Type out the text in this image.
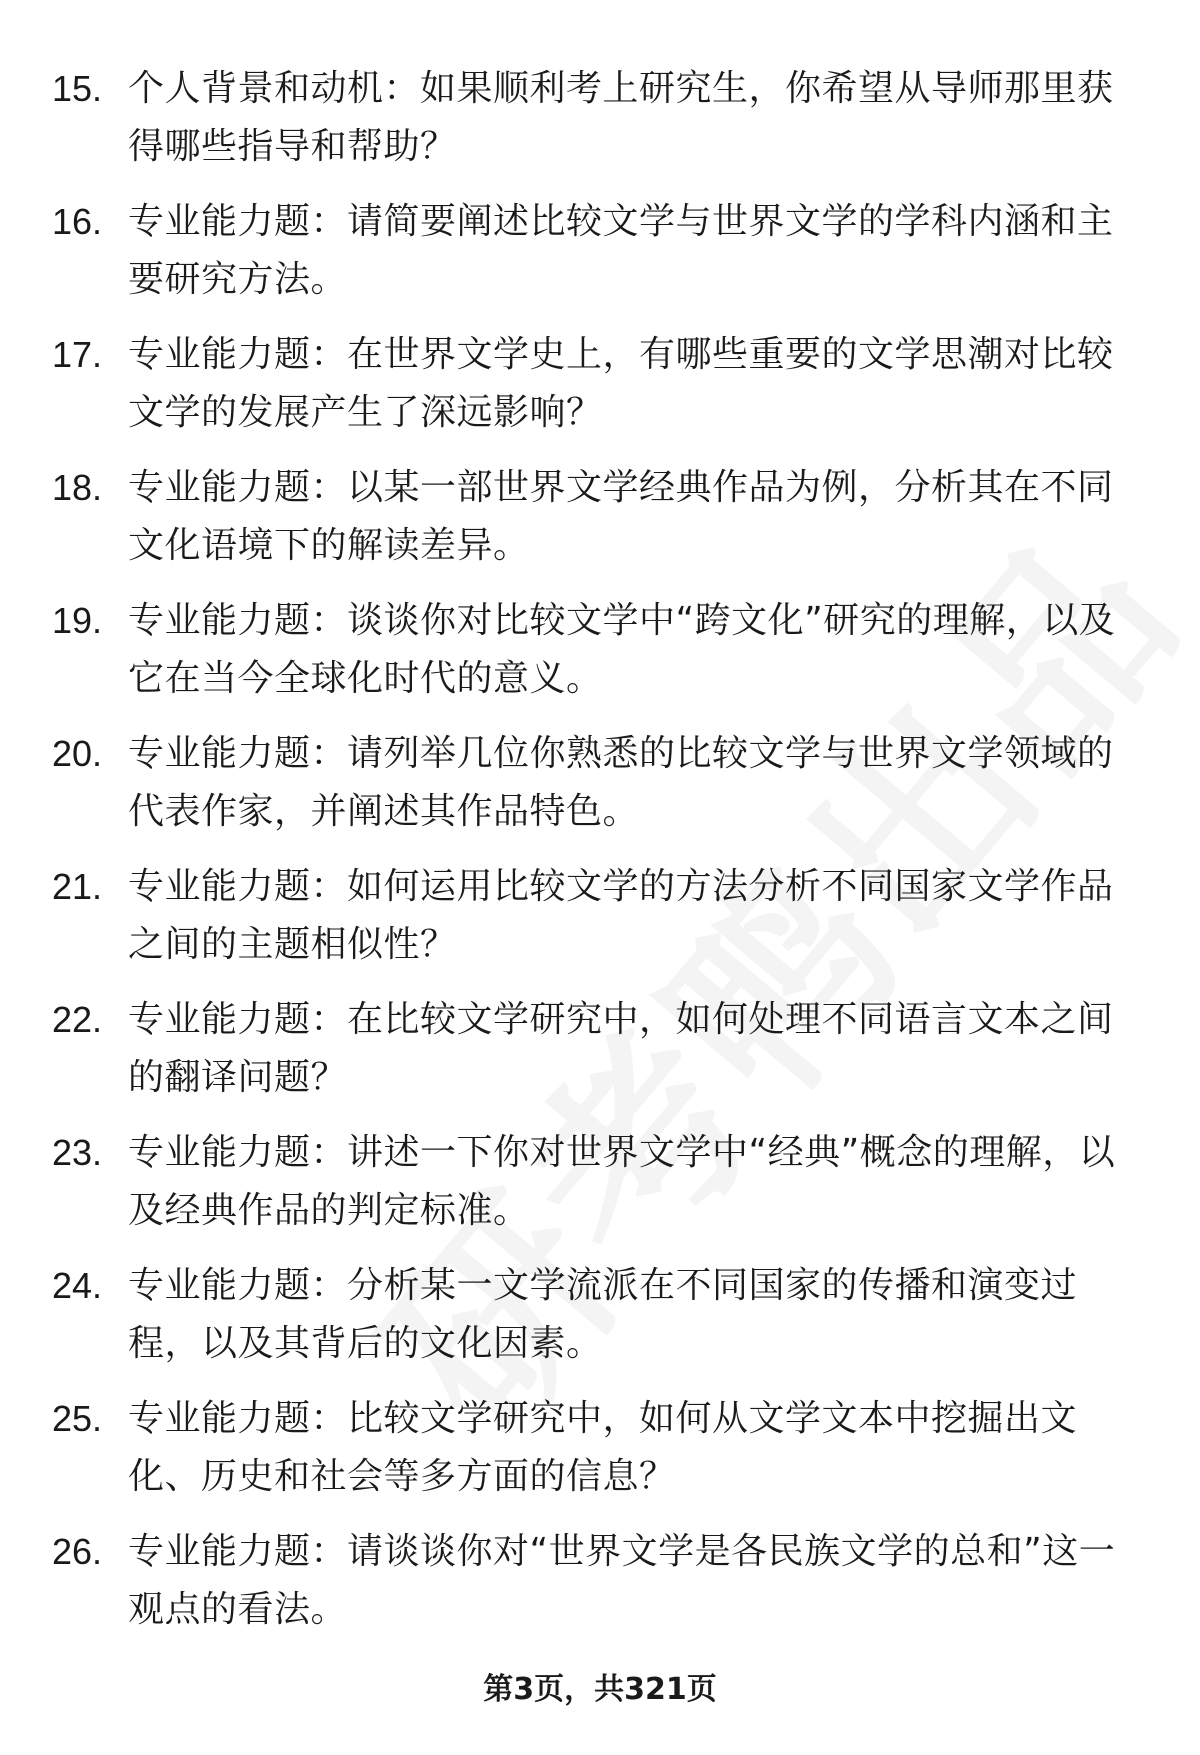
15. 个人背景和动机：如果顺利考上研究生，你希望从导师那里获得哪些指导和帮助？
16. 专业能力题：请简要阐述比较文学与世界文学的学科内涵和主要研究方法。
17. 专业能力题：在世界文学史上，有哪些重要的文学思潮对比较文学的发展产生了深远影响？
18. 专业能力题：以某一部世界文学经典作品为例，分析其在不同文化语境下的解读差异。
19. 专业能力题：谈谈你对比较文学中“跨文化”研究的理解，以及它在当今全球化时代的意义。
20. 专业能力题：请列举几位你熟悉的比较文学与世界文学领域的代表作家，并阐述其作品特色。
21. 专业能力题：如何运用比较文学的方法分析不同国家文学作品之间的主题相似性？
22. 专业能力题：在比较文学研究中，如何处理不同语言文本之间的翻译问题？
23. 专业能力题：讲述一下你对世界文学中“经典”概念的理解，以及经典作品的判定标准。
24. 专业能力题：分析某一文学流派在不同国家的传播和演变过程，以及其背后的文化因素。
25. 专业能力题：比较文学研究中，如何从文学文本中挖掘出文化、历史和社会等多方面的信息？
26. 专业能力题：请谈谈你对“世界文学是各民族文学的总和”这一观点的看法。
第3页，共321页
